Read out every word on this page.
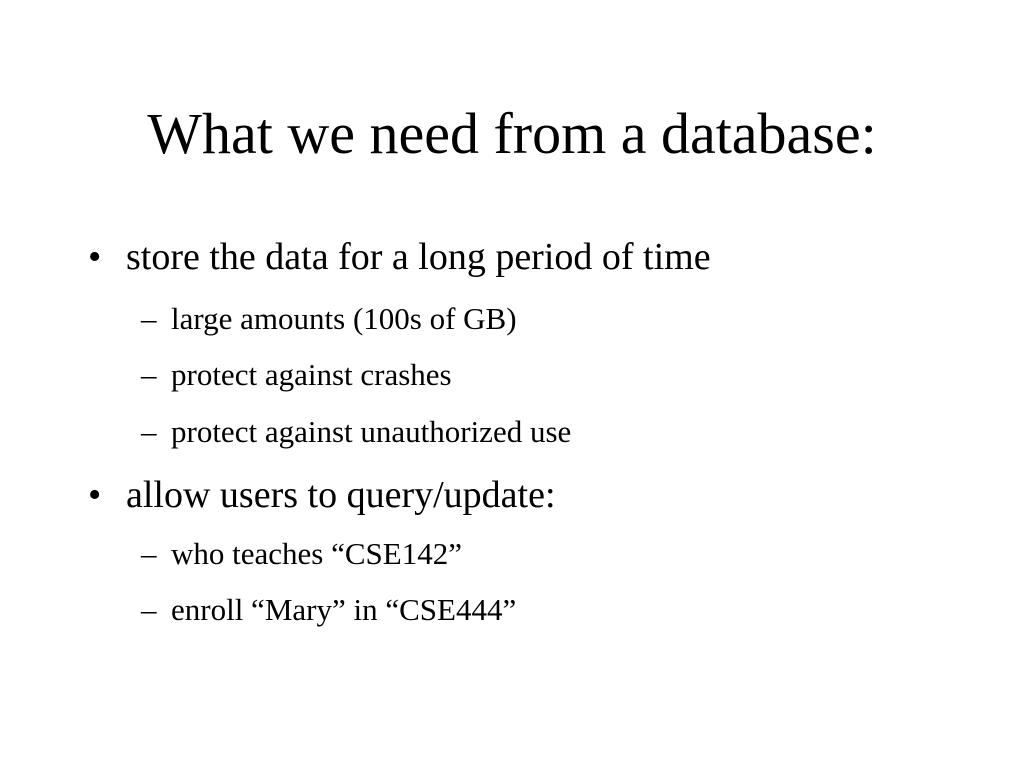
What we need from a database:
• store the data for a long period of time
– large amounts (100s of GB)
– protect against crashes
– protect against unauthorized use
• allow users to query/update:
– who teaches “CSE142”
– enroll “Mary” in “CSE444”
